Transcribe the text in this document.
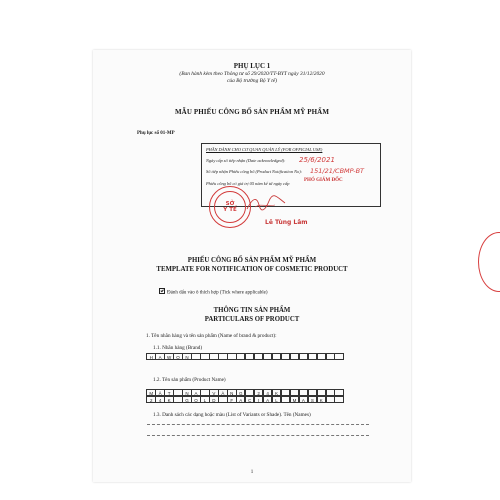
PHỤ LỤC 1
(Ban hành kèm theo Thông tư số 29/2020/TT-BYT ngày 31/12/2020
của Bộ trưởng Bộ Y tế)
MẪU PHIẾU CÔNG BỐ SẢN PHẨM MỸ PHẨM
Phụ lục số 01-MP
PHẦN DÀNH CHO CƠ QUAN QUẢN LÝ (FOR OFFICIAL USE)
Ngày cấp số tiếp nhận (Date acknowledged): 25/6/2021
Số tiếp nhận Phiếu công bố (Product Notification No): 151/21/CBMP-BT
Phiếu công bố có giá trị 05 năm kể từ ngày cấp
PHÓ GIÁM ĐỐC
SỞ
Y TẾ
Lê Tùng Lâm
PHIẾU CÔNG BỐ SẢN PHẨM MỸ PHẨM
TEMPLATE FOR NOTIFICATION OF COSMETIC PRODUCT
Đánh dấu vào ô thích hợp (Tick where applicable)
THÔNG TIN SẢN PHẨM
PARTICULARS OF PRODUCT
1. Tên nhãn hàng và tên sản phẩm (Name of brand & product):
1.1. Nhãn hàng (Brand)
H	A	W	O	N
1.2. Tên sản phẩm (Product Name)
M	Ặ	T	N	Ạ	V	À	N	G	2	4	K
2	4	K	G	O	L	D	F	A	C	I	A	L	M	A	S	K
1.3. Danh sách các dạng hoặc màu (List of Variants or Shade). Tên (Names)
1
